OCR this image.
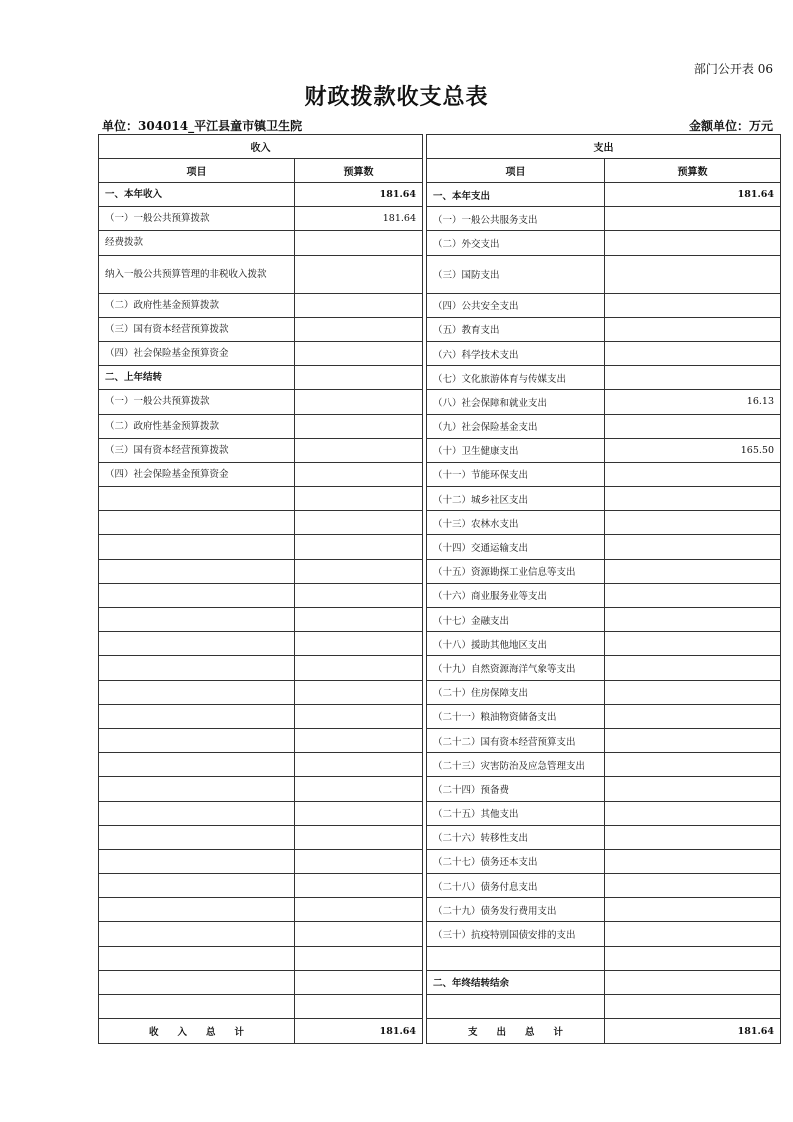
部门公开表 06
财政拨款收支总表
单位：304014_平江县童市镇卫生院	金额单位：万元
收入			支出	
项目	预算数		项目	预算数
一、本年收入	181.64		一、本年支出	181.64
（一）一般公共预算拨款	181.64		（一）一般公共服务支出	
经费拨款			（二）外交支出	
纳入一般公共预算管理的非税收入拨款			（三）国防支出	
（二）政府性基金预算拨款			（四）公共安全支出	
（三）国有资本经营预算拨款			（五）教育支出	
（四）社会保险基金预算资金			（六）科学技术支出	
二、上年结转			（七）文化旅游体育与传媒支出	
（一）一般公共预算拨款			（八）社会保障和就业支出	16.13
（二）政府性基金预算拨款			（九）社会保险基金支出	
（三）国有资本经营预算拨款			（十）卫生健康支出	165.50
（四）社会保险基金预算资金			（十一）节能环保支出	
			（十二）城乡社区支出	
			（十三）农林水支出	
			（十四）交通运输支出	
			（十五）资源勘探工业信息等支出	
			（十六）商业服务业等支出	
			（十七）金融支出	
			（十八）援助其他地区支出	
			（十九）自然资源海洋气象等支出	
			（二十）住房保障支出	
			（二十一）粮油物资储备支出	
			（二十二）国有资本经营预算支出	
			（二十三）灾害防治及应急管理支出	
			（二十四）预备费	
			（二十五）其他支出	
			（二十六）转移性支出	
			（二十七）债务还本支出	
			（二十八）债务付息支出	
			（二十九）债务发行费用支出	
			（三十）抗疫特别国债安排的支出	

			二、年终结转结余	

收　　入　　总　　计	181.64		支　　出　　总　　计	181.64
